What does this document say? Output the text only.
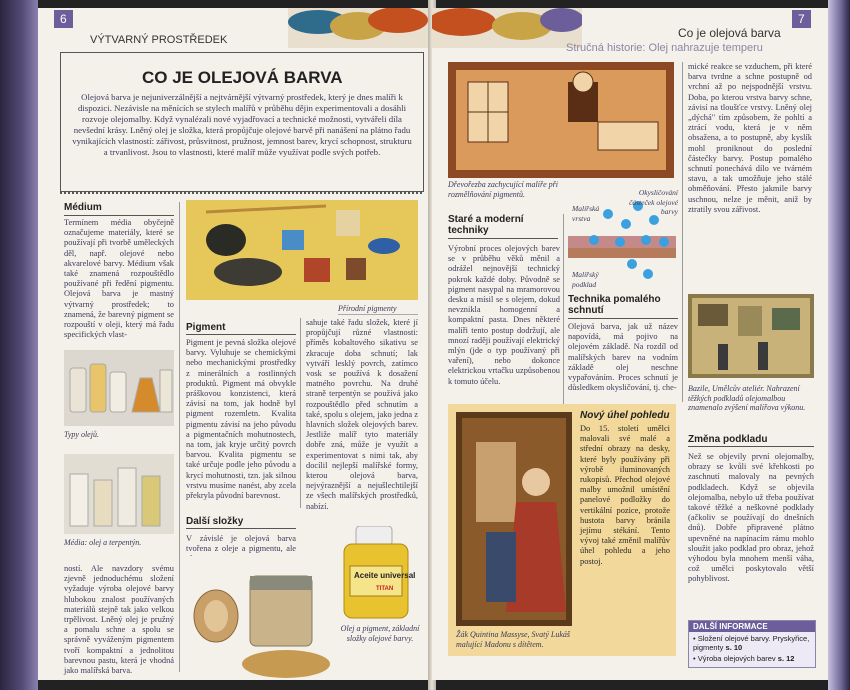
6
VÝTVARNÝ PROSTŘEDEK
CO JE OLEJOVÁ BARVA
Olejová barva je nejuniverzálnější a nejtvárnější výtvarný prostředek, který je dnes malíři k dispozici. Nezávisle na měnících se stylech malířů v průběhu dějin experimentovali a dosáhli rozvoje olejomalby. Když vynalézali nové vyjadřovací a technické možnosti, vytvářeli díla nevšední krásy. Lněný olej je složka, která propůjčuje olejové barvě při nanášení na plátno řadu vynikajících vlastností: zářivost, průsvitnost, pružnost, jemnost barev, krycí schopnost, strukturu a trvanlivost. Jsou to vlastnosti, které malíř může využívat podle svých potřeb.
Médium
Termínem média obyčejně označujeme materiály, které se používají při tvorbě uměleckých děl, např. olejové nebo akvarelové barvy. Médium však také znamená rozpouštědlo používané při ředění pigmentu. Olejová barva je mastný výtvarný prostředek; to znamená, že barevný pigment se rozpouští v oleji, který má řadu specifických vlast-
Typy olejů.
Média: olej a terpentýn.
ností. Ale navzdory svému zjevně jednoduchému složení vyžaduje výroba olejové barvy hlubokou znalost používaných materiálů stejně tak jako velkou trpělivost. Lněný olej je pružný a pomalu schne a spolu se správně vyváženým pigmentem tvoří kompaktní a jednolitou barevnou pastu, která je vhodná jako malířská barva.
Přírodní pigmenty
Pigment
Pigment je pevná složka olejové barvy. Vyluhuje se chemickými nebo mechanickými prostředky z minerálních a rostlinných produktů. Pigment má obvykle práškovou konzistenci, která závisí na tom, jak hodně byl pigment rozemletn. Kvalita pigmentu závisí na jeho původu a pigmentačních mohutnostech, na tom, jak kryje určitý povrch barvou. Kvalita pigmentu se také určuje podle jeho původu a krycí mohutnosti, tzn. jak silnou vrstvu musíme nanést, aby zcela překryla původní barevnost.
Další složky
V závislé je olejová barva tvořena z oleje a pigmentu, ale
sahuje také řadu složek, které jí propůjčují různé vlastnosti: příměs kobaltového sikativu se zkracuje doba schnutí; lak vytváří lesklý povrch, zatímco vosk se používá k dosažení matného povrchu. Na druhé straně terpentýn se používá jako rozpouštědlo před schnutím a také, spolu s olejem, jako jedna z hlavních složek olejových barev. Jestliže malíř tyto materiály dobře zná, může je využít a experimentovat s nimi tak, aby docílil nejlepší malířské formy, kterou olejová barva, nejvýraznější a nejušlechtilejší ze všech malířských prostředků, nabízí.
Aceite universal
TITAN
Olej a pigment, základní složky olejové barvy.
7
Co je olejová barva
Stručná historie: Olej nahrazuje temperu
Dřevořezba zachycující malíře při rozmělňování pigmentů.
Staré a moderní techniky
Výrobní proces olejových barev se v průběhu věků měnil a odrážel nejnovější technický pokrok každé doby. Původně se pigment nasypal na mramorovou desku a mísil se s olejem, dokud nevznikla homogenní a kompaktní pasta. Dnes některé malíři tento postup dodržují, ale mnozí raději používají elektrický mlýn (jde o typ používaný při vaření), nebo dokonce elektrickou vrtačku uzpůsobenou k tomuto účelu.
Malířská vrstva
Okysličování částeček olejové barvy
Malířský podklad
Technika pomalého schnutí
Olejová barva, jak už název napovídá, má pojivo na olejovém základě. Na rozdíl od malířských barev na vodním základě olej neschne vypařováním. Proces schnutí je důsledkem okysličování, tj. che-
mické reakce se vzduchem, při které barva tvrdne a schne postupně od vrchní až po nejspodnější vrstvu. Doba, po kterou vrstva barvy schne, závisí na tloušťce vrstvy. Lněný olej „dýchá" tím způsobem, že pohltí a ztrácí vodu, která je v něm obsažena, a to postupně, aby kyslík mohl proniknout do poslední částečky barvy. Postup pomalého schnutí ponechává dílo ve tvárném stavu, a tak umožňuje jeho stálé obměňování. Přesto jakmile barvy uschnou, nelze je měnit, aniž by ztratily svou zářivost.
Žák Quintina Massyse, Svatý Lukáš malující Madonu s dítětem.
Nový úhel pohledu
Do 15. století umělci malovali své malé a střední obrazy na desky, které byly používány při výrobě iluminovaných rukopisů. Přechod olejové malby umožnil umístění panelové podložky do vertikální pozice, protože hustota barvy bránila jejímu stékání. Tento vývoj také změnil malířův úhel pohledu a jeho postoj.
Bazile, Umělcův ateliér. Nahrazení těžkých podkladů olejomalbou znamenalo zvýšení malířova výkonu.
Změna podkladu
Než se objevily první olejomalby, obrazy se kvůli své křehkosti po zaschnutí malovaly na pevných podkladech. Když se objevila olejomalba, nebylo už třeba používat takové těžké a neškovné podklady (ačkoliv se používají do dnešních dnů). Dobře připravené plátno upevněné na napínacím rámu mohlo sloužit jako podklad pro obraz, jehož výhodou byla mnohem menší váha, což umělci poskytovalo větší pohyblivost.
DALŠÍ INFORMACE
• Složení olejové barvy. Pryskyřice, pigmenty s. 10
• Výroba olejových barev s. 12
